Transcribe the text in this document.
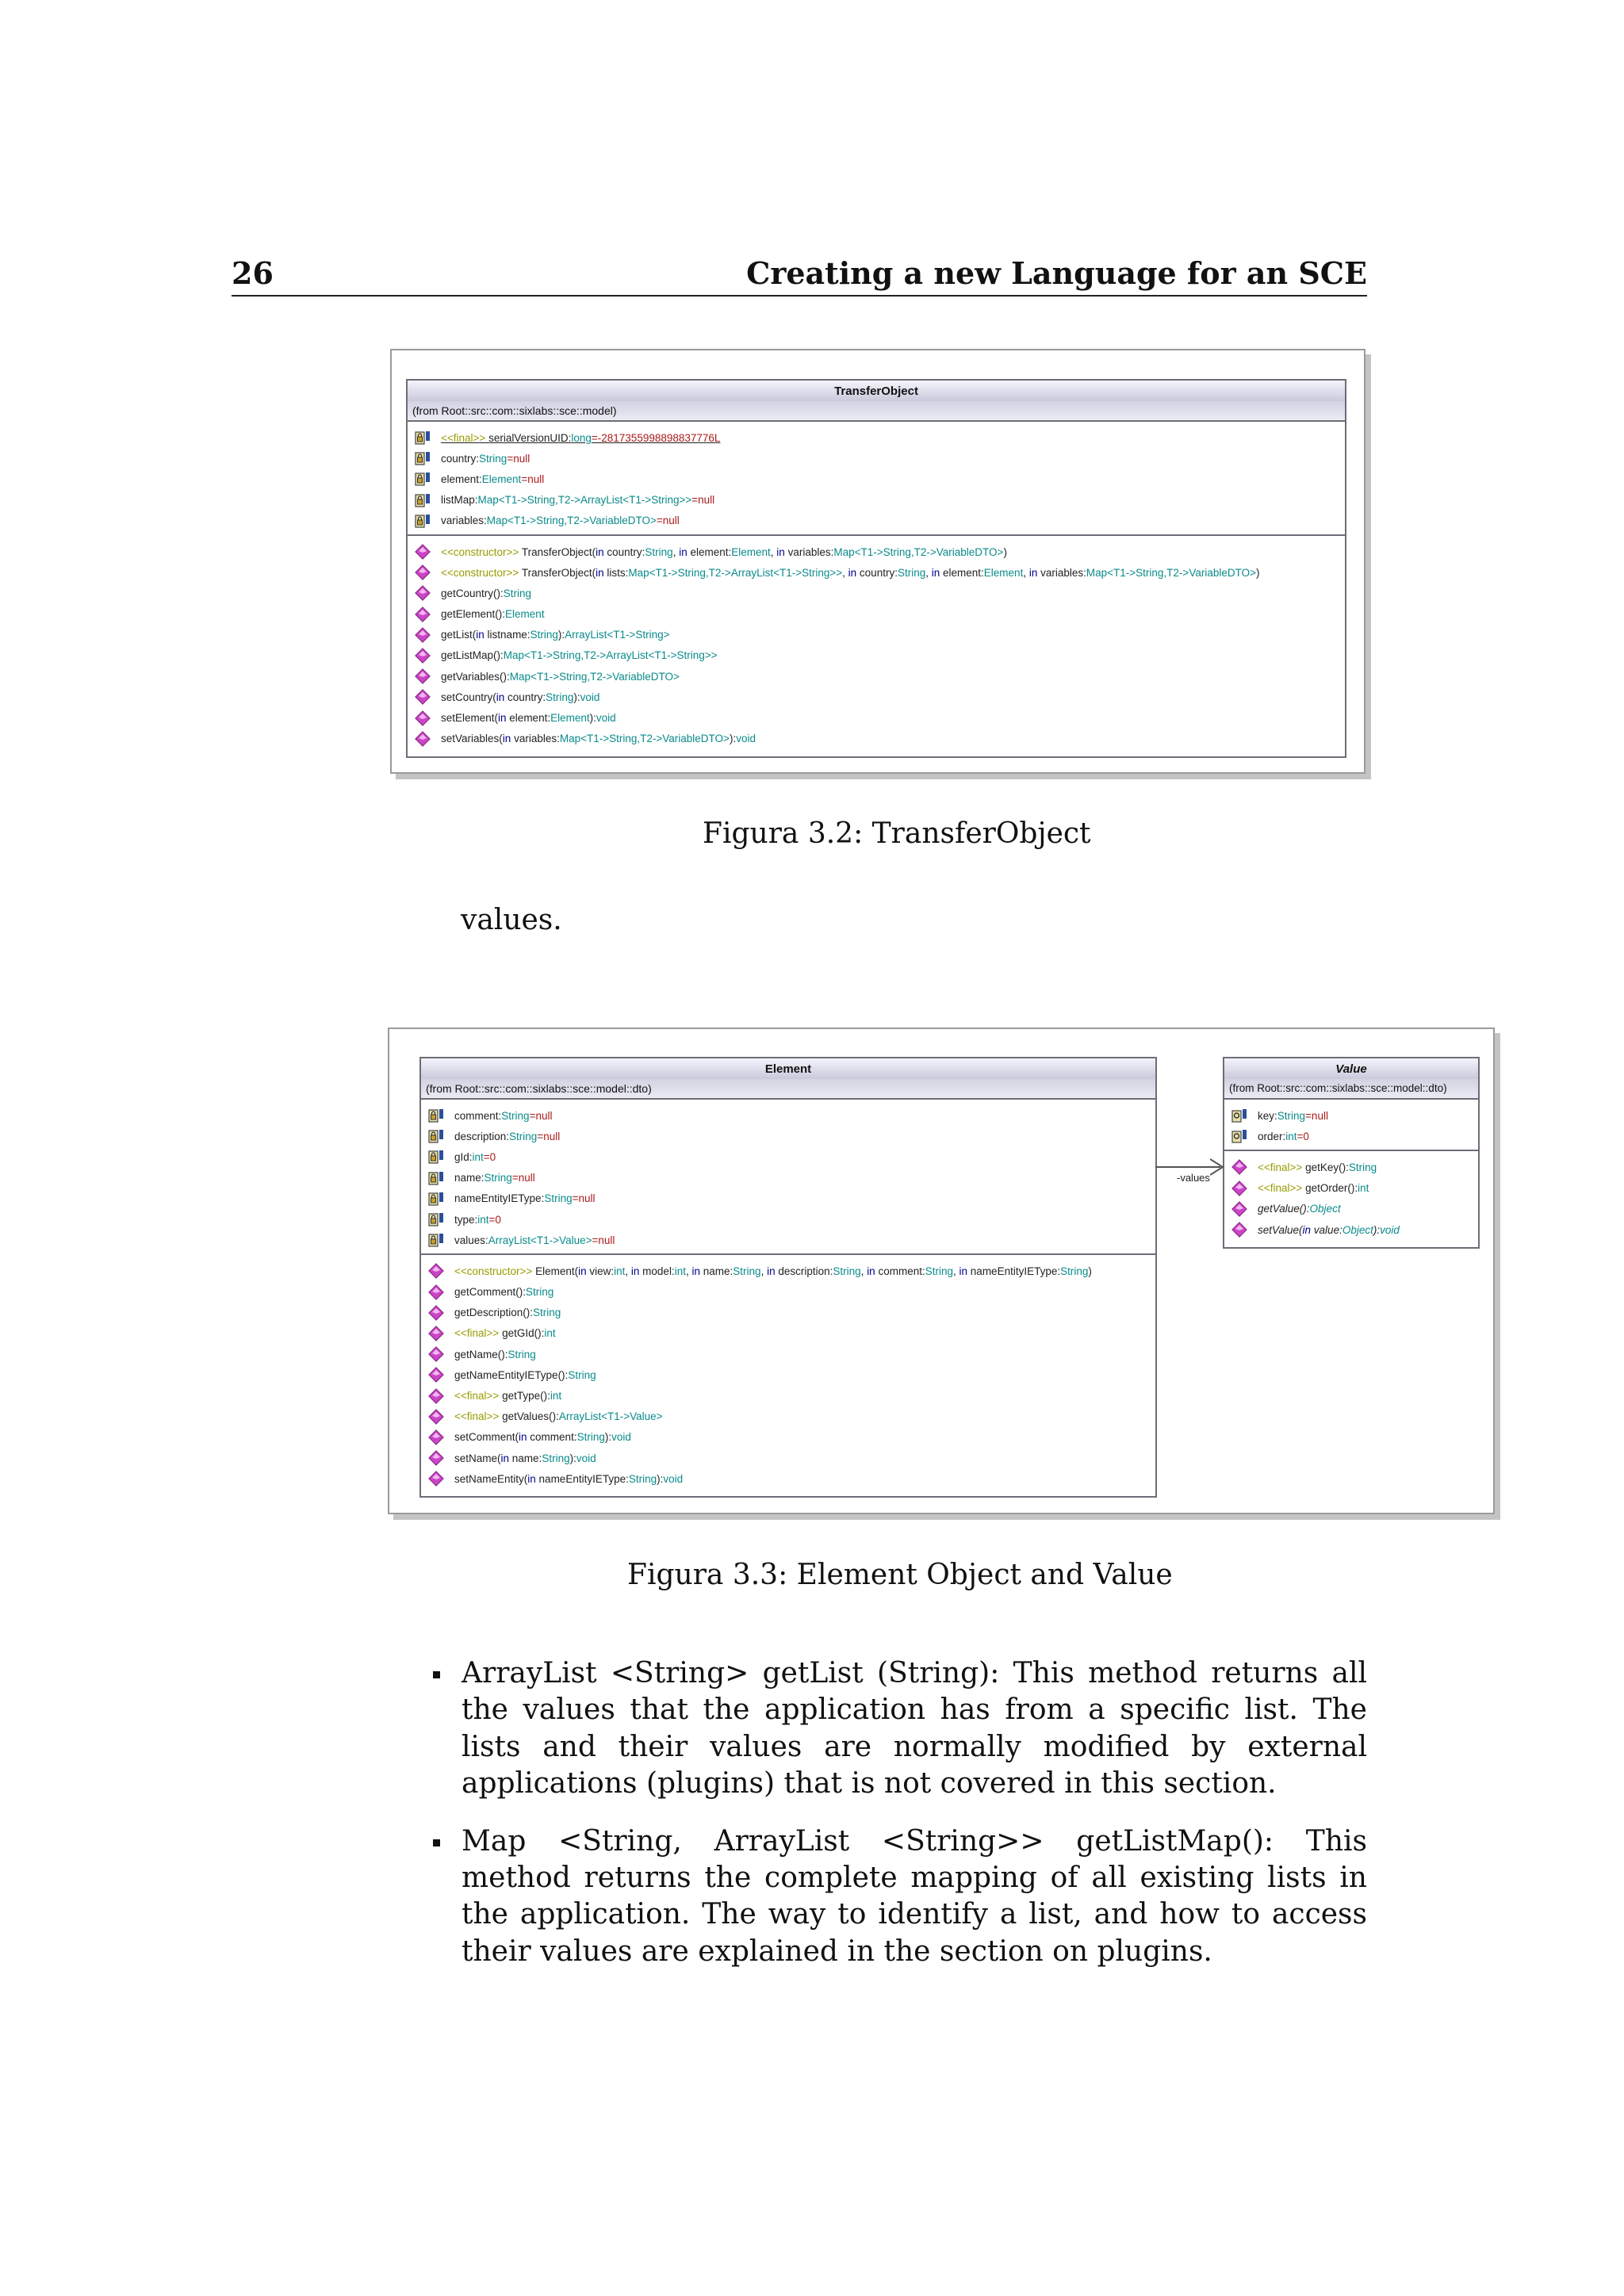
26	Creating a new Language for an SCE
TransferObject
(from Root::src::com::sixlabs::sce::model)
<<final>> serialVersionUID:long=-2817355998898837776L
country:String=null
element:Element=null
listMap:Map<T1->String,T2->ArrayList<T1->String>>=null
variables:Map<T1->String,T2->VariableDTO>=null
<<constructor>> TransferObject(in country:String, in element:Element, in variables:Map<T1->String,T2->VariableDTO>)
<<constructor>> TransferObject(in lists:Map<T1->String,T2->ArrayList<T1->String>>, in country:String, in element:Element, in variables:Map<T1->String,T2->VariableDTO>)
getCountry():String
getElement():Element
getList(in listname:String):ArrayList<T1->String>
getListMap():Map<T1->String,T2->ArrayList<T1->String>>
getVariables():Map<T1->String,T2->VariableDTO>
setCountry(in country:String):void
setElement(in element:Element):void
setVariables(in variables:Map<T1->String,T2->VariableDTO>):void
Figura 3.2: TransferObject
values.
Element
(from Root::src::com::sixlabs::sce::model::dto)
comment:String=null
description:String=null
gId:int=0
name:String=null
nameEntityIEType:String=null
type:int=0
values:ArrayList<T1->Value>=null
<<constructor>> Element(in view:int, in model:int, in name:String, in description:String, in comment:String, in nameEntityIEType:String)
getComment():String
getDescription():String
<<final>> getGId():int
getName():String
getNameEntityIEType():String
<<final>> getType():int
<<final>> getValues():ArrayList<T1->Value>
setComment(in comment:String):void
setName(in name:String):void
setNameEntity(in nameEntityIEType:String):void
Value
(from Root::src::com::sixlabs::sce::model::dto)
key:String=null
order:int=0
<<final>> getKey():String
<<final>> getOrder():int
getValue():Object
setValue(in value:Object):void
-values
Figura 3.3: Element Object and Value
ArrayList <String> getList (String): This method returns all the values that the application has from a specific list. The lists and their values are normally modified by external applications (plugins) that is not covered in this section.
Map <String, ArrayList <String>> getListMap(): This method returns the complete mapping of all existing lists in the application. The way to identify a list, and how to access their values are explained in the section on plugins.
